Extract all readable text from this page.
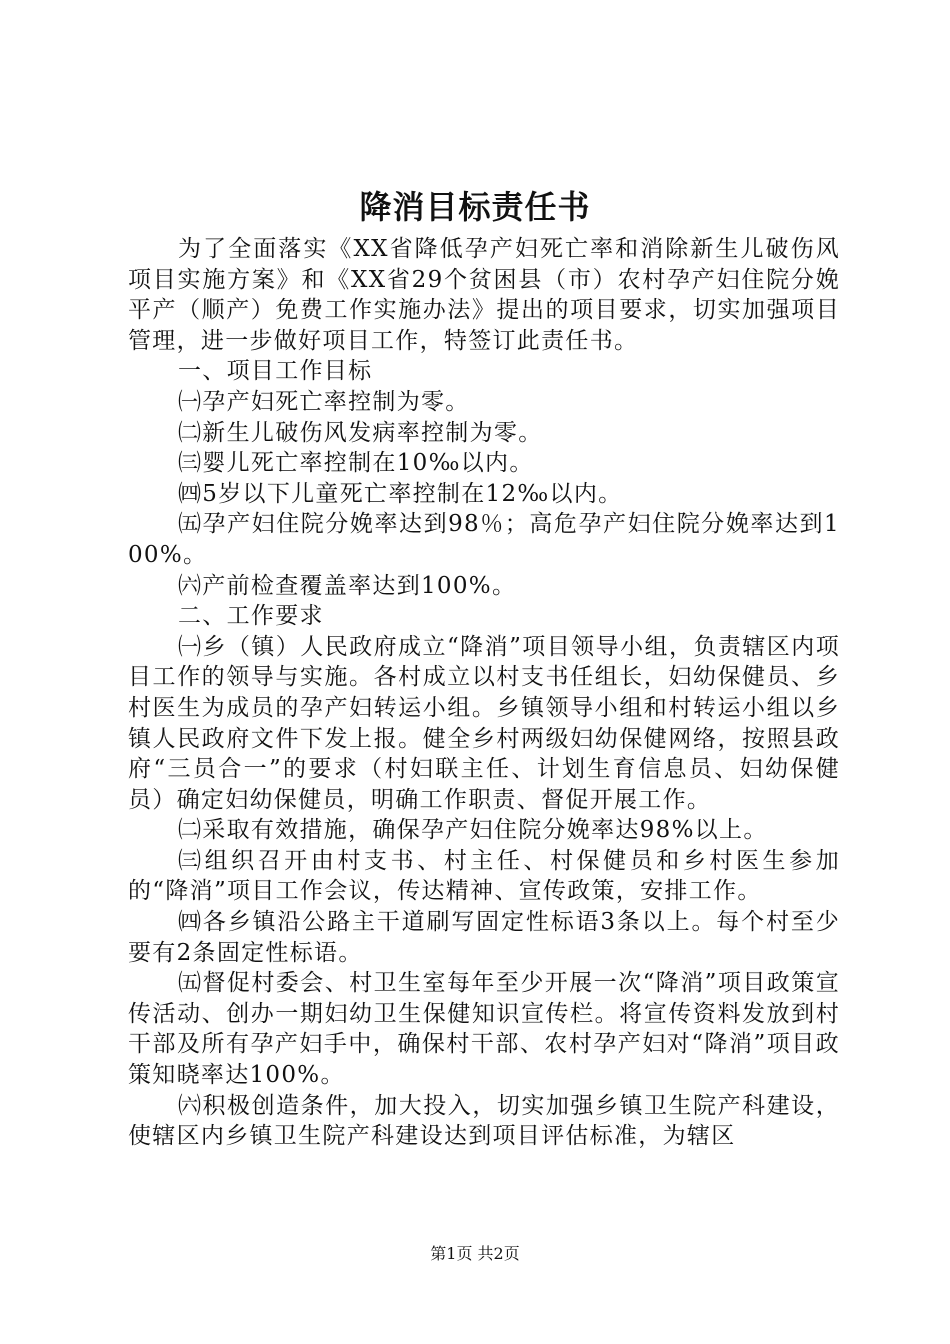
降消目标责任书

为了全面落实《XX省降低孕产妇死亡率和消除新生儿破伤风项目实施方案》和《XX省29个贫困县（市）农村孕产妇住院分娩平产（顺产）免费工作实施办法》提出的项目要求，切实加强项目管理，进一步做好项目工作，特签订此责任书。

一、项目工作目标

㈠孕产妇死亡率控制为零。

㈡新生儿破伤风发病率控制为零。

㈢婴儿死亡率控制在10‰以内。

㈣5岁以下儿童死亡率控制在12‰以内。

㈤孕产妇住院分娩率达到98％；高危孕产妇住院分娩率达到100%。

㈥产前检查覆盖率达到100%。

二、工作要求

㈠乡（镇）人民政府成立“降消”项目领导小组，负责辖区内项目工作的领导与实施。各村成立以村支书任组长，妇幼保健员、乡村医生为成员的孕产妇转运小组。乡镇领导小组和村转运小组以乡镇人民政府文件下发上报。健全乡村两级妇幼保健网络，按照县政府“三员合一”的要求（村妇联主任、计划生育信息员、妇幼保健员）确定妇幼保健员，明确工作职责、督促开展工作。

㈡采取有效措施，确保孕产妇住院分娩率达98%以上。

㈢组织召开由村支书、村主任、村保健员和乡村医生参加的“降消”项目工作会议，传达精神、宣传政策，安排工作。

㈣各乡镇沿公路主干道刷写固定性标语3条以上。每个村至少要有2条固定性标语。

㈤督促村委会、村卫生室每年至少开展一次“降消”项目政策宣传活动、创办一期妇幼卫生保健知识宣传栏。将宣传资料发放到村干部及所有孕产妇手中，确保村干部、农村孕产妇对“降消”项目政策知晓率达100%。

㈥积极创造条件，加大投入，切实加强乡镇卫生院产科建设，使辖区内乡镇卫生院产科建设达到项目评估标准，为辖区

第1页 共2页
